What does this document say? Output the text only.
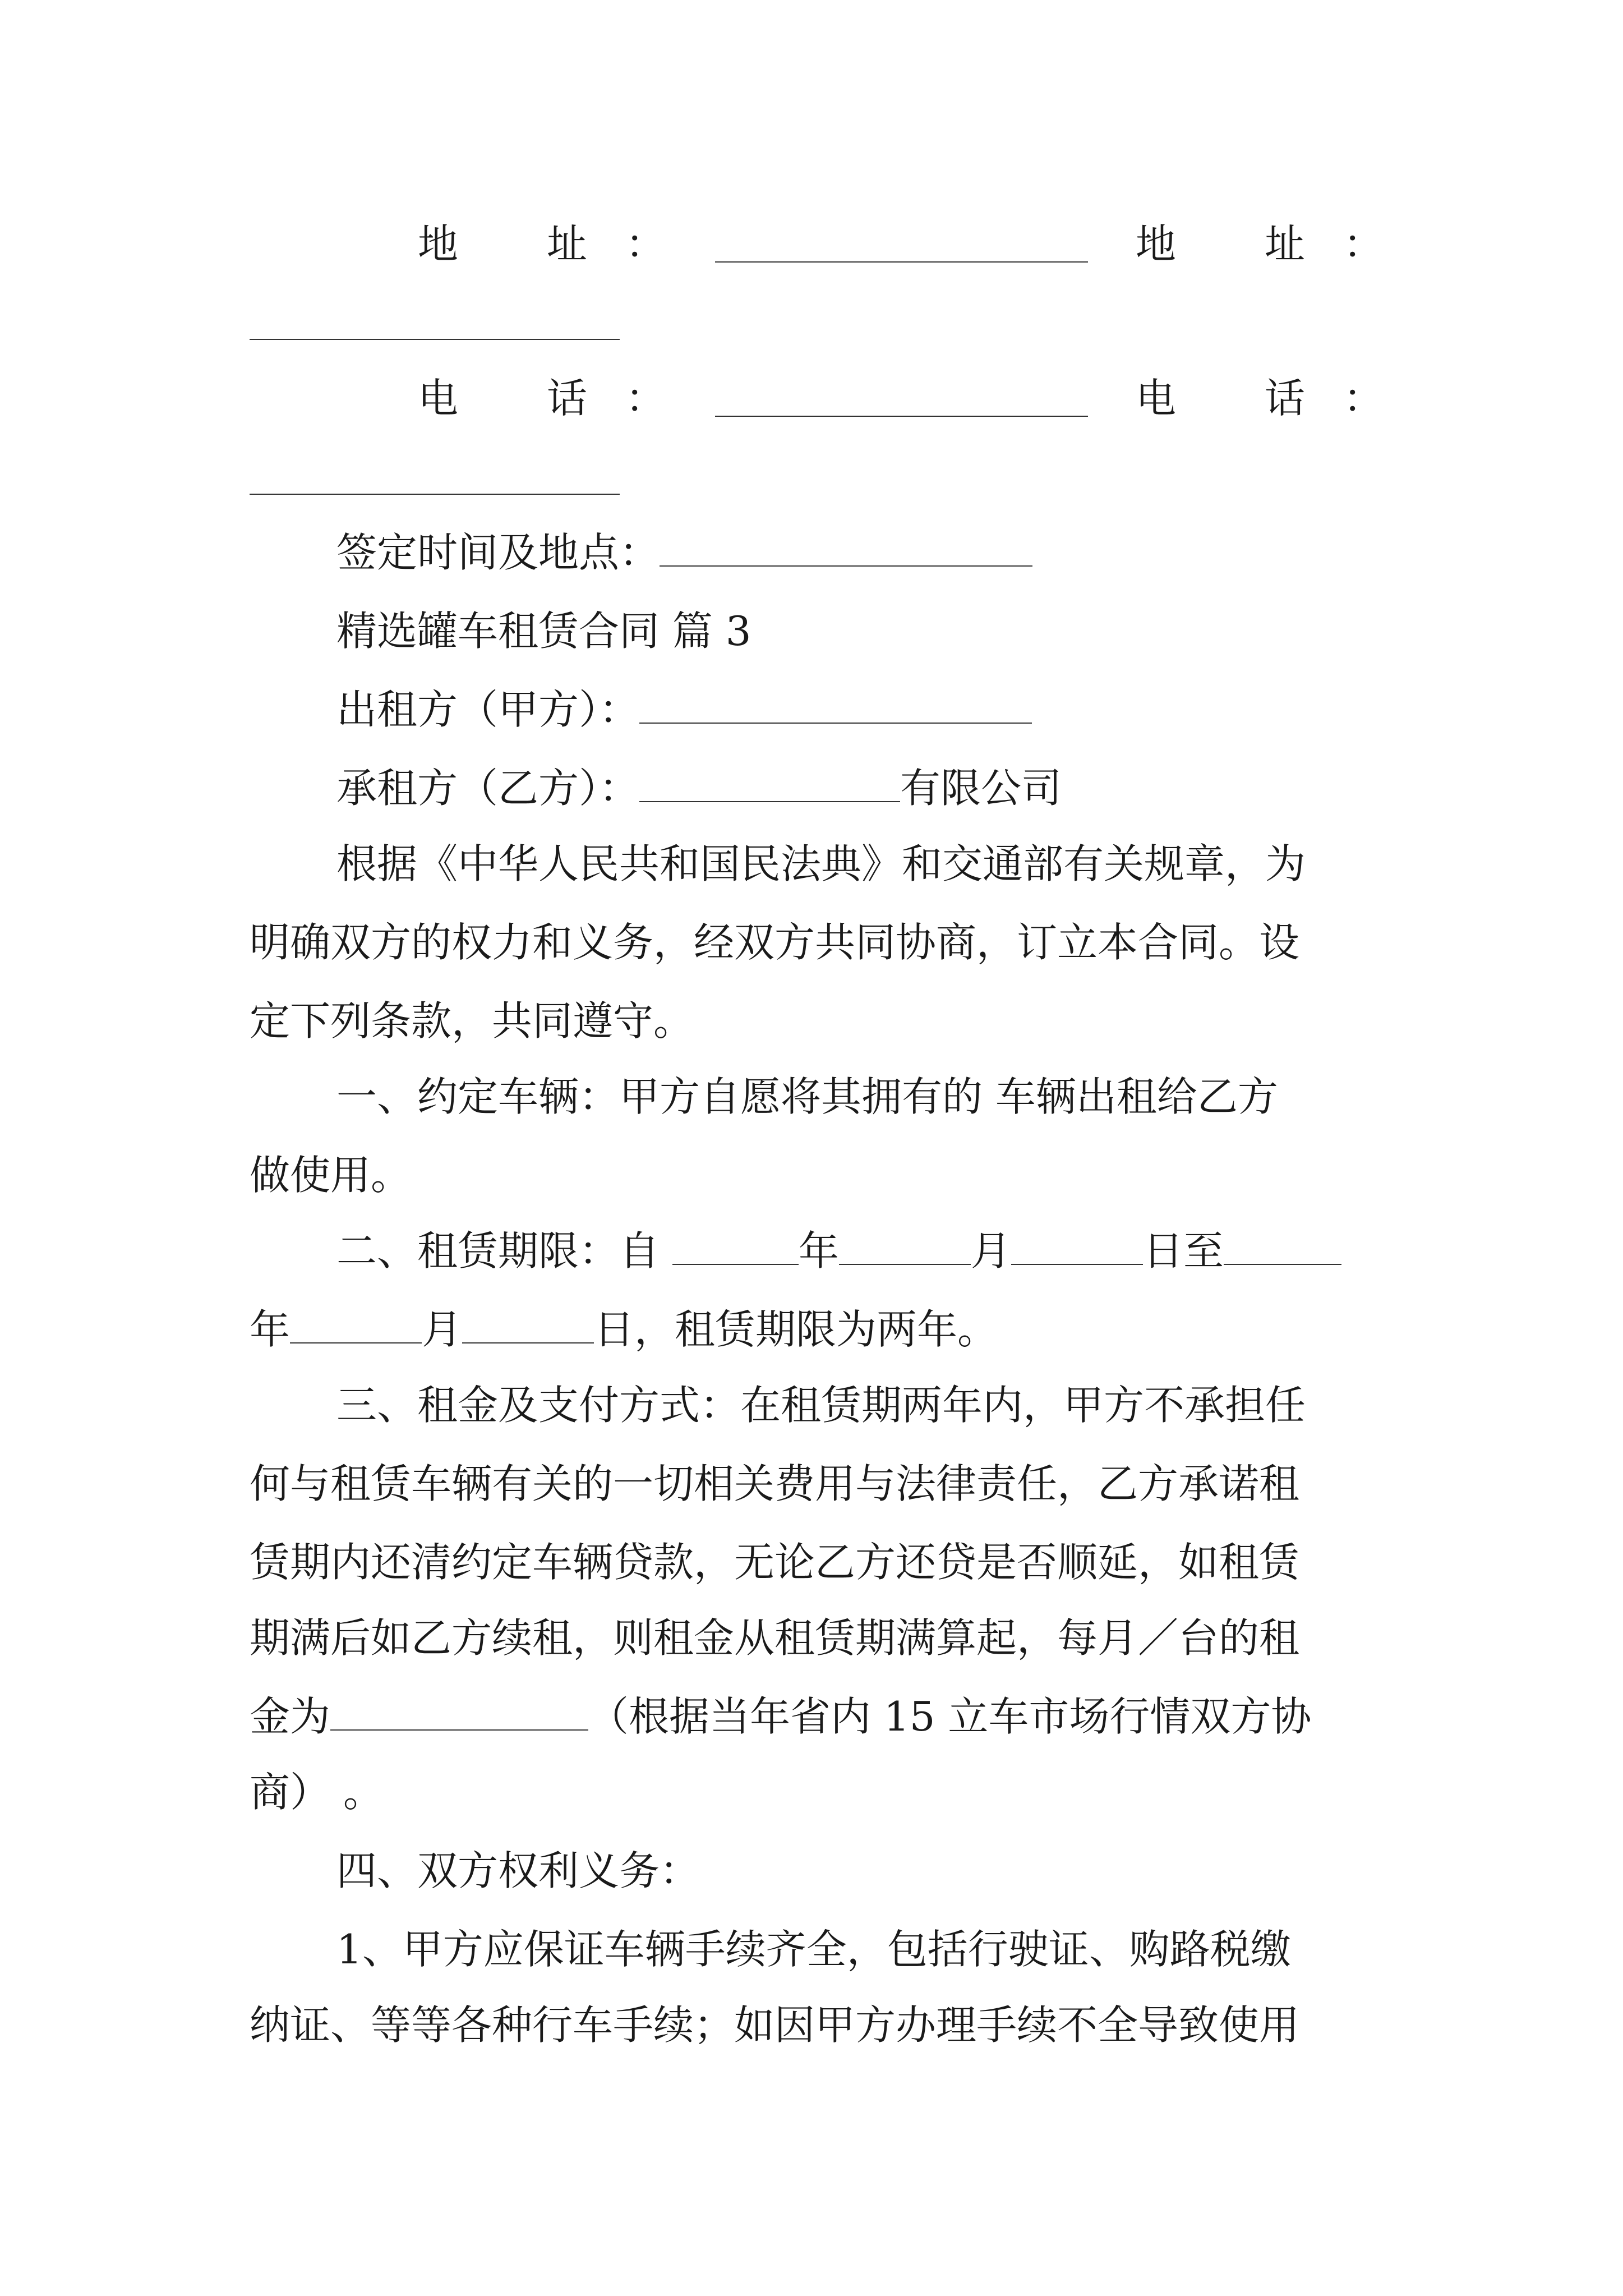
地 址 ：	地 址 ：
电 话 ：	电 话 ：
签定时间及地点：
精选罐车租赁合同 篇 3
出租方（甲方）：
承租方（乙方）：	有限公司
根据《中华人民共和国民法典》和交通部有关规章，为
明确双方的权力和义务，经双方共同协商，订立本合同。设
定下列条款，共同遵守。
一、约定车辆：甲方自愿将其拥有的 车辆出租给乙方
做使用。
二、租赁期限：自	年	月	日至
年	月	日，租赁期限为两年。
三、租金及支付方式：在租赁期两年内，甲方不承担任
何与租赁车辆有关的一切相关费用与法律责任，乙方承诺租
赁期内还清约定车辆贷款，无论乙方还贷是否顺延，如租赁
期满后如乙方续租，则租金从租赁期满算起，每月／台的租
金为	（根据当年省内 15 立车市场行情双方协
商） 。
四、双方权利义务：
1、甲方应保证车辆手续齐全，包括行驶证、购路税缴
纳证、等等各种行车手续；如因甲方办理手续不全导致使用
